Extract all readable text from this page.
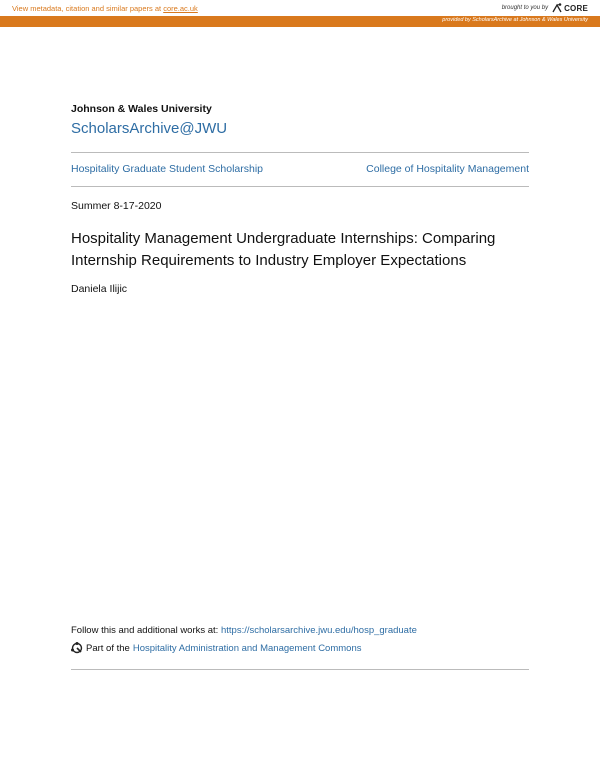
View metadata, citation and similar papers at core.ac.uk	brought to you by CORE
provided by ScholarsArchive at Johnson & Wales University
Johnson & Wales University
ScholarsArchive@JWU
Hospitality Graduate Student Scholarship	College of Hospitality Management
Summer 8-17-2020
Hospitality Management Undergraduate Internships: Comparing Internship Requirements to Industry Employer Expectations
Daniela Ilijic
Follow this and additional works at: https://scholarsarchive.jwu.edu/hosp_graduate
Part of the Hospitality Administration and Management Commons
